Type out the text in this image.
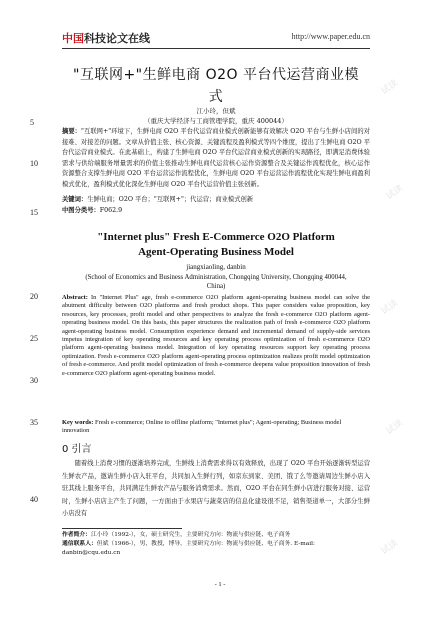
中国科技论文在线	http://www.paper.edu.cn
试读
试读
试读
试读
试读
5
10
15
20
25
30
35
40
"互联网+"生鲜电商 O2O 平台代运营商业模
式
江小玲，但斌
（重庆大学经济与工商管理学院，重庆 400044）
摘要："互联网+"环境下，生鲜电商 O2O 平台代运营商业模式创新能够有效解决 O2O 平台与生鲜小店间的对接难、对接差的问题。文章从价值主张、核心资源、关键流程及盈利模式等四个维度，提出了生鲜电商 O2O 平台代运营商业模式。在此基础上，构建了生鲜电商 O2O 平台代运营商业模式创新的实现路径，即满足消费体验需求与供给端服务增量需求的价值主张推动生鲜电商代运营核心运作资源整合及关键运作流程优化，核心运作资源整合支撑生鲜电商 O2O 平台运营运作流程优化，生鲜电商 O2O 平台运营运作流程优化实现生鲜电商盈利模式优化，盈利模式优化深化生鲜电商 O2O 平台代运营价值主张创新。
关键词：生鲜电商；O2O 平台；"互联网+"；代运营；商业模式创新
中图分类号：F062.9
"Internet plus" Fresh E-Commerce O2O Platform
Agent-Operating Business Model
jiangxiaoling, danbin
(School of Economics and Business Administration, Chongqing University, Chongqing 400044, China)
Abstract: In "Internet Plus" age, fresh e-commerce O2O platform agent-operating business model can solve the abutment difficulty between O2O platforms and fresh product shops. This paper considers value proposition, key resources, key processes, profit model and other perspectives to analyze the fresh e-commerce O2O platform agent-operating business model. On this basis, this paper structures the realization path of fresh e-commerce O2O platform agent-operating business model. Consumption experience demand and incremental demand of supply-side services impetus integration of key operating resources and key operating process optimization of fresh e-commerce O2O platform agent-operating business model. Integration of key operating resources support key operating process optimization. Fresh e-commerce O2O platform agent-operating process optimization realizes profit model optimization of fresh e-commerce. And profit model optimization of fresh e-commerce deepens value proposition innovation of fresh e-commerce O2O platform agent-operating business model.
Key words: Fresh e-commerce; Online to offline platform; "Internet plus"; Agent-operating; Business model innovation
0 引言
随着线上消费习惯的逐渐培养完成，生鲜线上消费需求得以有效释放，出现了 O2O 平台开始逐渐转型运营生鲜农产品，邀请生鲜小店入驻平台，共同加入生鲜行列，如京东到家、美团、饿了么等邀请周边生鲜小店入驻其线上服务平台，共同满足生鲜农产品与服务消费需求。然而，O2O 平台在同生鲜小店进行服务对接、运营时，生鲜小店店主产生了问题，一方面由于水果店与蔬菜店的信息化建设很不足，销售渠道单一，大部分生鲜小店没有
作者简介：江小玲（1992-），女，硕士研究生，主要研究方向：物流与供应链、电子商务
通信联系人：但斌（1966-），男，教授，博导，主要研究方向：物流与供应链、电子商务. E-mail: danbin@cqu.edu.cn
- 1 -
